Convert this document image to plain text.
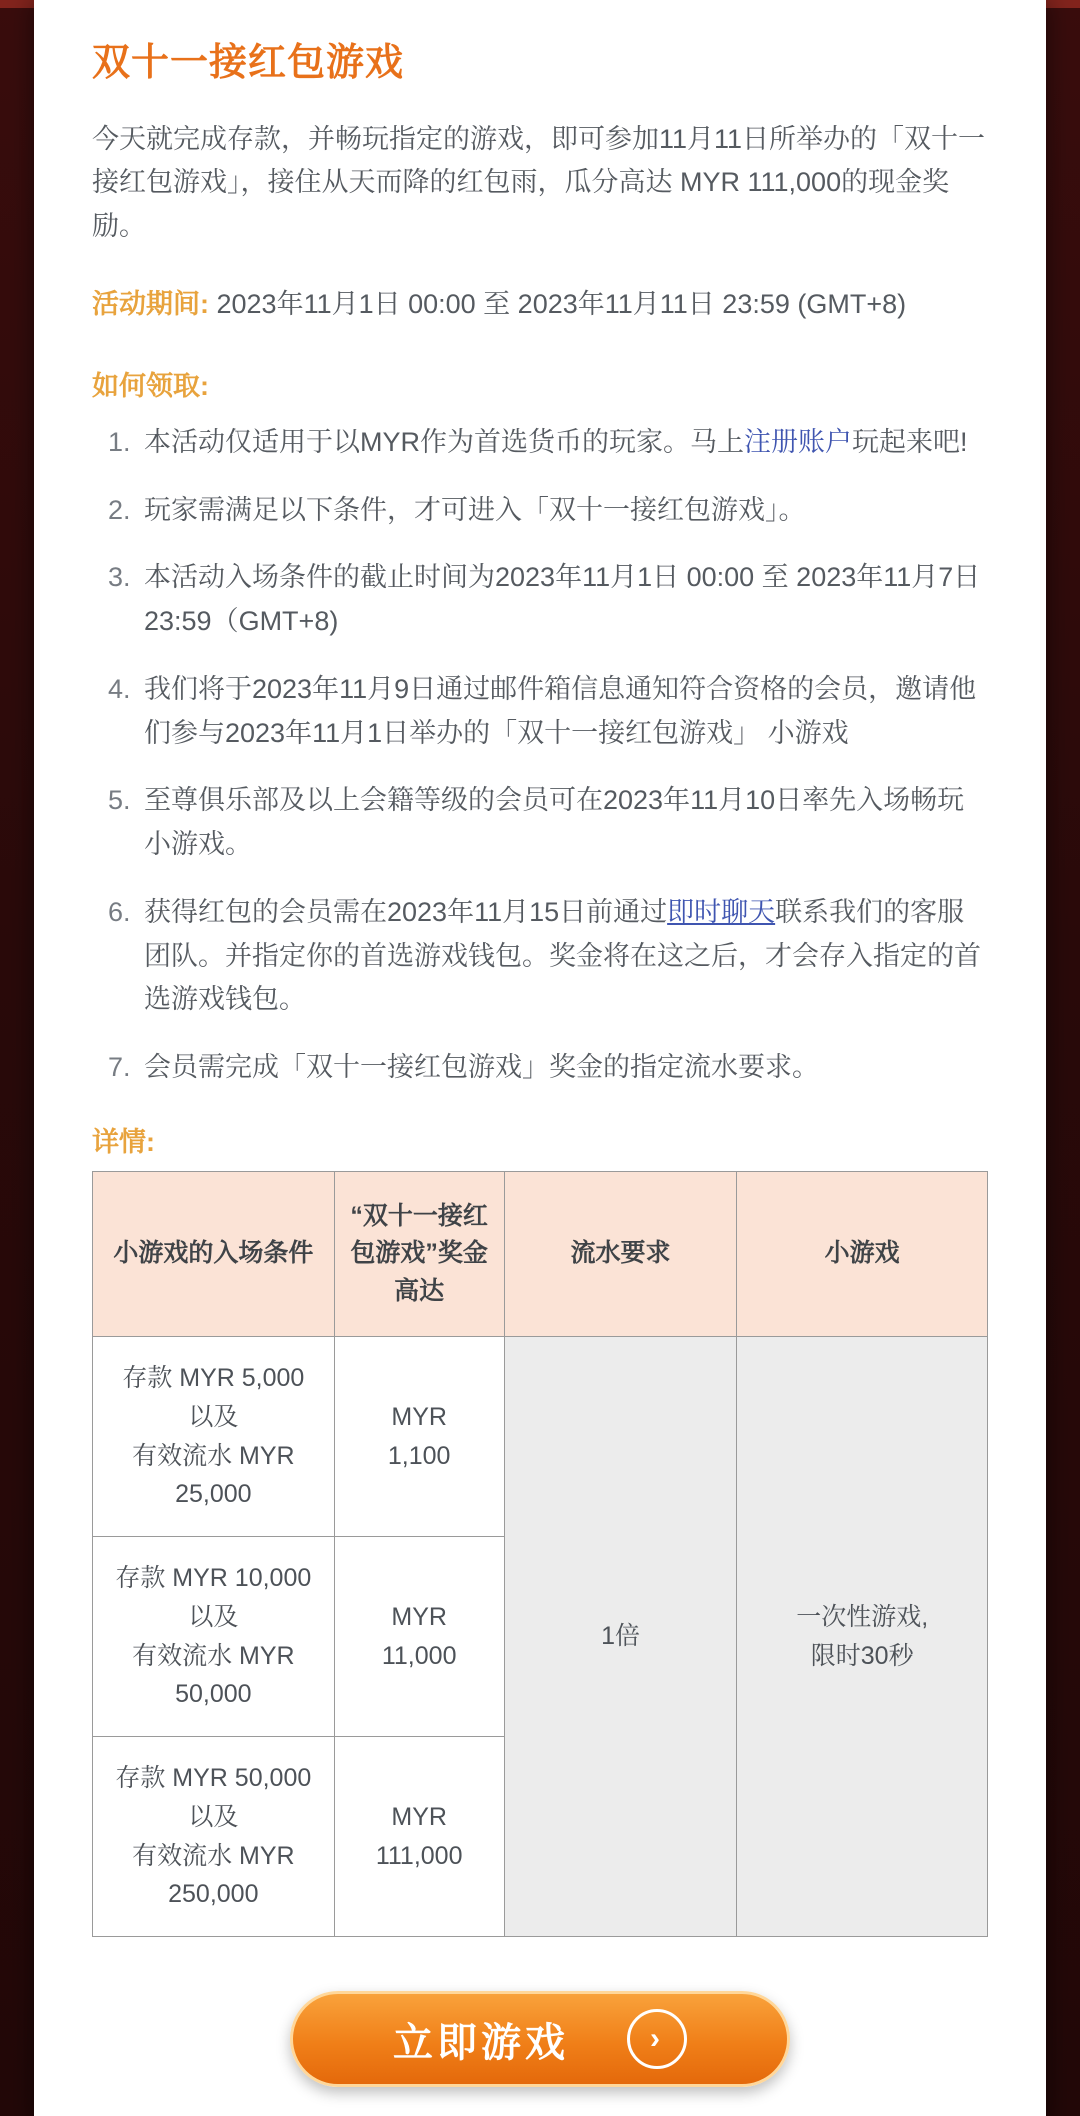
双十一接红包游戏

今天就完成存款，并畅玩指定的游戏，即可参加11月11日所举办的「双十一接红包游戏」，接住从天而降的红包雨，瓜分高达 MYR 111,000的现金奖励。

活动期间: 2023年11月1日 00:00 至 2023年11月11日 23:59 (GMT+8)

如何领取:
1. 本活动仅适用于以MYR作为首选货币的玩家。马上注册账户玩起来吧!
2. 玩家需满足以下条件，才可进入「双十一接红包游戏」。
3. 本活动入场条件的截止时间为2023年11月1日 00:00 至 2023年11月7日 23:59（GMT+8)
4. 我们将于2023年11月9日通过邮件箱信息通知符合资格的会员，邀请他们参与2023年11月1日举办的「双十一接红包游戏」 小游戏
5. 至尊俱乐部及以上会籍等级的会员可在2023年11月10日率先入场畅玩小游戏。
6. 获得红包的会员需在2023年11月15日前通过即时聊天联系我们的客服团队。并指定你的首选游戏钱包。奖金将在这之后，才会存入指定的首选游戏钱包。
7. 会员需完成「双十一接红包游戏」奖金的指定流水要求。
详情:
小游戏的入场条件	“双十一接红包游戏”奖金高达	流水要求	小游戏
存款 MYR 5,000
以及
有效流水 MYR 25,000	MYR
1,100	1倍	一次性游戏,
限时30秒
存款 MYR 10,000
以及
有效流水 MYR 50,000	MYR
11,000		
存款 MYR 50,000
以及
有效流水 MYR 250,000	MYR
111,000		
立即游戏	›
